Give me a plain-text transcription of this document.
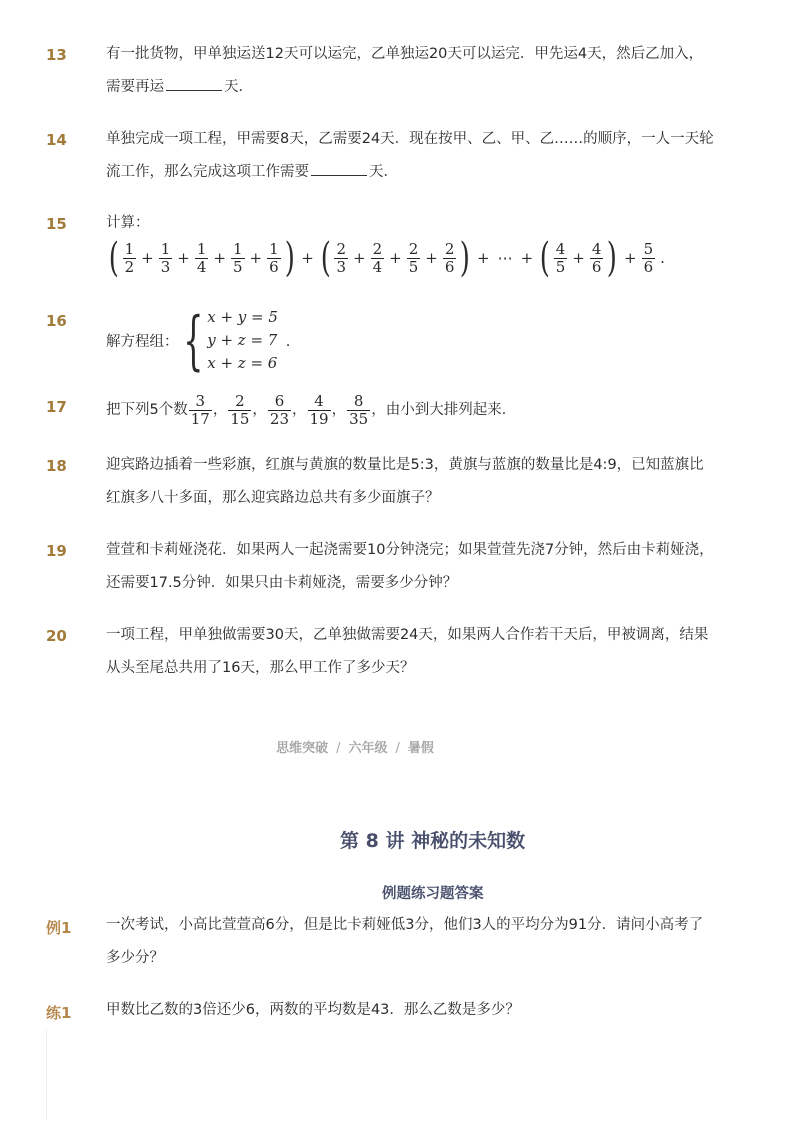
13	有一批货物，甲单独运送12天可以运完，乙单独运20天可以运完．甲先运4天，然后乙加入，需要再运	天．
14	单独完成一项工程，甲需要8天，乙需要24天．现在按甲、乙、甲、乙……的顺序，一人一天轮流工作，那么完成这项工作需要	天．
15	计算：
( $\frac{1}{2} + \frac{1}{3} + \frac{1}{4} + \frac{1}{5} + \frac{1}{6}$ ) + ( $\frac{2}{3} + \frac{2}{4} + \frac{2}{5} + \frac{2}{6}$ ) + ⋯ + ( $\frac{4}{5} + \frac{4}{6}$ ) + $\frac{5}{6}$ .
16
解方程组： { x + y = 5
y + z = 7
x + z = 6
．
17	把下列5个数 $\frac{3}{17}$ ， $\frac{2}{15}$ ， $\frac{6}{23}$ ， $\frac{4}{19}$ ， $\frac{8}{35}$ ，由小到大排列起来．
18	迎宾路边插着一些彩旗，红旗与黄旗的数量比是5:3，黄旗与蓝旗的数量比是4:9，已知蓝旗比红旗多八十多面，那么迎宾路边总共有多少面旗子？
19	萱萱和卡莉娅浇花．如果两人一起浇需要10分钟浇完；如果萱萱先浇7分钟，然后由卡莉娅浇，还需要17.5分钟．如果只由卡莉娅浇，需要多少分钟？
20	一项工程，甲单独做需要30天，乙单独做需要24天，如果两人合作若干天后，甲被调离，结果从头至尾总共用了16天，那么甲工作了多少天？
思维突破 / 六年级 / 暑假
第 8 讲 神秘的未知数
例题练习题答案
例1 一次考试，小高比萱萱高6分，但是比卡莉娅低3分，他们3人的平均分为91分．请问小高考了多少分？
练1 甲数比乙数的3倍还少6，两数的平均数是43．那么乙数是多少？
